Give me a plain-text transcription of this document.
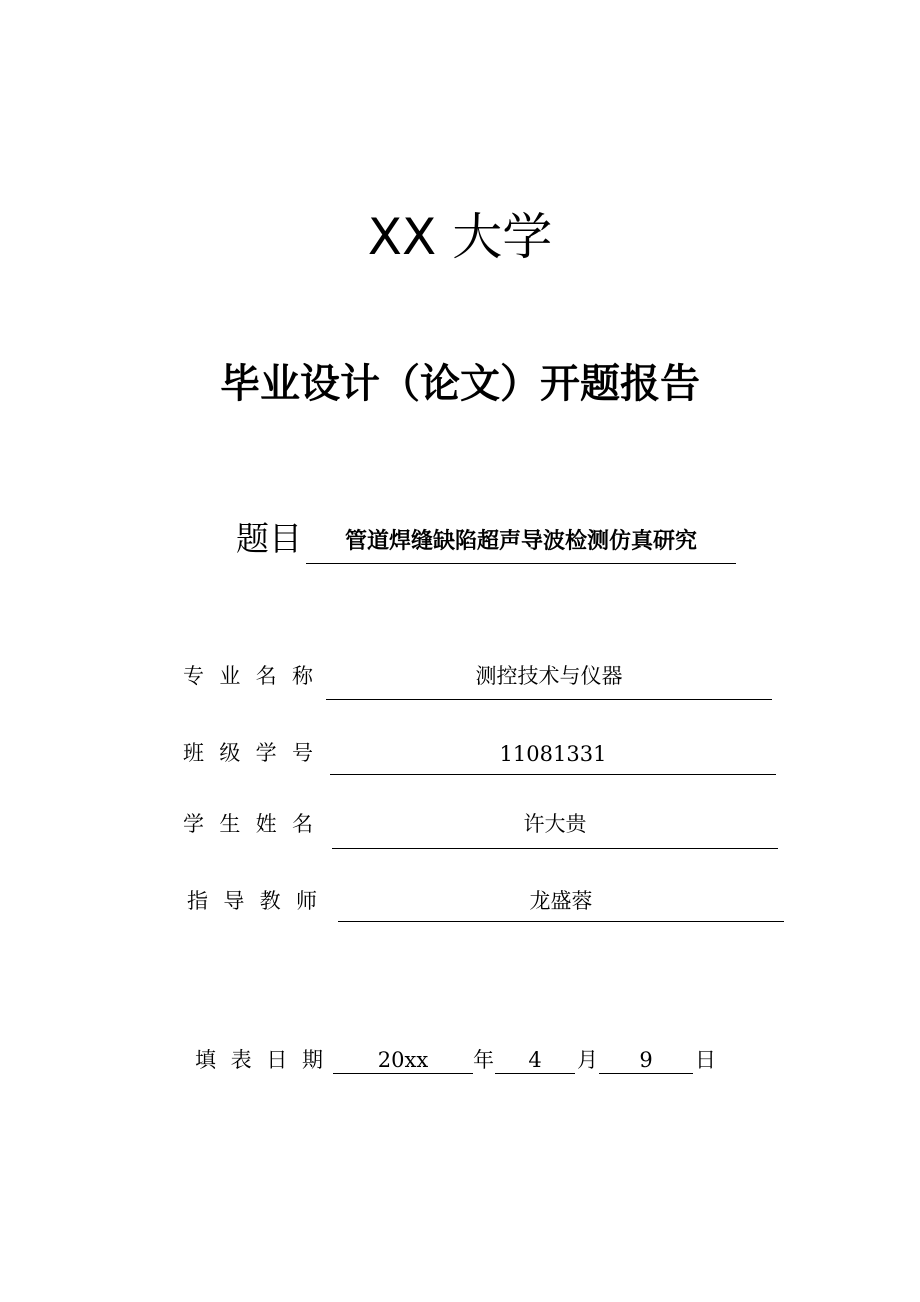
XX 大学
毕业设计（论文）开题报告
题目	管道焊缝缺陷超声导波检测仿真研究
专业名称	测控技术与仪器
班级学号	11081331
学生姓名	许大贵
指导教师	龙盛蓉
填表日期	20xx	年	4	月	9	日
